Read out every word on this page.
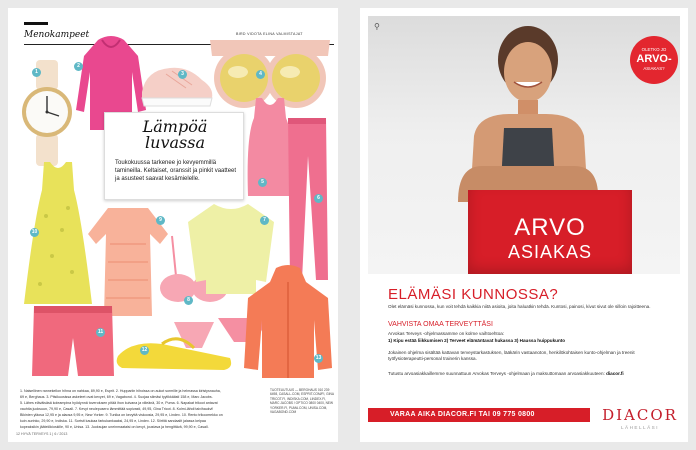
Menokampeet	BIRD VIDOTA ELINA VALMISTAJAT
1
2
3	4
5
6
7
8
9
10
11
12
13
Lämpöä
luvassa
Toukokuussa tarkenee jo kevyemmillä tamineilla. Keltaiset, oranssit ja pinkit vaatteet ja asusteet saavat kesämielelle.
1. Naisellinen rannekellon hihna on nahkaa, 89,90 e, Esprit. 2. Huppariin hihoissa on aukot sormille ja helmassa kiristysnauha,
69 e, Berghaus. 3. Pitsikuosissa askeleet ovat kevyet, 69 e, Vagabond. 4. Suojaa silmäsi tyylikkäästi 158 e, Marc Jacobs.
5. Lähes eläväisäsä koleampina hyödynnä toverolusen pitää ihon kuivana ja viileänä, 30 e, Puma. 6. Napakat trikoot antavat
vauhtia juoksuun, 79,90 e, Casall. 7. Kevyt neulepusero lämmittää sopivasti, 49,95, Gina Tricot. 8. Kolmi-lähdi taivihaukvi!
Bikinien yläosa 12,95 e ja alaosa 9,95 e, New Yorker. 9. Tunika on kevyttä viskoosia, 29,95 e, Lindex. 10. Rento trikoomekko on
kuin aurinko, 29,90 e, Indiska. 11. Sortsit kaukaa farkukankaaksi, 24,95 e, Lindex. 12. Siirtitä sandaalit jalassa kelpaa
kopeaksikin jäätelökioskille, 90 e, Unisa. 13. Juoksujan uneinmaataisi on kevyt, joustava ja hengittävä, 99,90 e, Casall.
TUOTEUUTUUS — BERGHAUS 010 239 6498, CASALL.COM, ESPRIT.COM/FI, GINA TRICOT.FI, INDISKA.COM, LINDEX.FI, MARC JACOBS / OPTICO 0800 0400, NEW YORKER.FI, PUMA.COM, UNISA.COM, VAGABOND.COM
12 HYVÄ TERVEYS 1 | 6 / 2013
⚲
OLETKO JO
ARVO-
ASIAKAS?
ARVO
ASIAKAS
ELÄMÄSI KUNNOSSA?
Olet elämäsi kunnossa, kun voit tehdä kaikkia niitä asioita, joita haluatkin tehdä. Kuntosi, painosi, kivut sivut ole silloin rajoitteena.
VAHVISTA OMAA TERVEYTTÄSI
Arvokas Terveys -ohjelmassamme on kolme vaihtoehtoa:
1) Kipu estää liikkumisen 2) Terveet elämäntavat hukassa 3) Haussa huippukunto
Jokainen ohjelma sisältää kattavan terveystarkastuksen, lääkärin vastaanoton, henkilökohtaisen kunto-ohjelman ja treenit työfysioterapeutti-personal trainerin kanssa.
Tutustu arvoasiakkaillemme suunnattuun Arvokas Terveys -ohjelmaan ja maksuttomaan arvoasiakkuuteen: diacor.fi
VARAA AIKA DIACOR.FI TAI 09 775 0800	DIACOR
LÄHELLÄSI
